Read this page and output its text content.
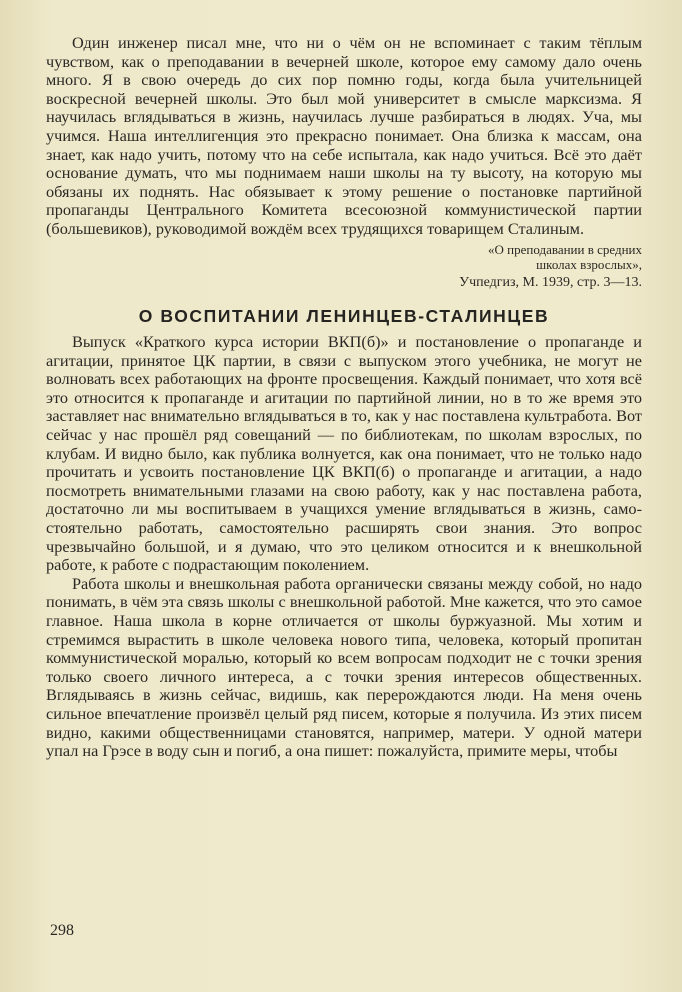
Один инженер писал мне, что ни о чём он не вспоминает с таким тёплым чувством, как о преподавании в вечерней школе, которое ему самому дало очень много. Я в свою очередь до сих пор помню годы, когда была учительницей воскресной вечерней школы. Это был мой университет в смысле марксизма. Я научилась вглядываться в жизнь, научилась лучше разбираться в людях. Уча, мы учимся. Наша интеллигенция это прекрасно понимает. Она близка к массам, она знает, как надо учить, потому что на себе испытала, как надо учиться. Всё это даёт основание думать, что мы поднимаем наши школы на ту высоту, на которую мы обязаны их поднять. Нас обязывает к этому решение о постановке партийной пропаганды Центрального Комитета всесоюзной коммунистической партии (большевиков), руководимой вождём всех трудящихся товарищем Сталиным.

«О преподавании в средних
школах взрослых»,
Учпедгиз, М. 1939, стр. 3—13.
О ВОСПИТАНИИ ЛЕНИНЦЕВ-СТАЛИНЦЕВ

Выпуск «Краткого курса истории ВКП(б)» и постановление о пропаганде и агитации, принятое ЦК партии, в связи с выпуском этого учебника, не могут не волновать всех работающих на фронте просвещения. Каждый понимает, что хотя всё это относится к пропаганде и агитации по партийной линии, но в то же время это заставляет нас внимательно вглядываться в то, как у нас поставлена культработа. Вот сейчас у нас прошёл ряд совещаний — по библиотекам, по школам взрослых, по клубам. И видно было, как публика волнуется, как она понимает, что не только надо прочитать и усвоить постановление ЦК ВКП(б) о пропаганде и агитации, а надо посмотреть внимательными глазами на свою работу, как у нас поставлена работа, достаточно ли мы воспитываем в учащихся умение вглядываться в жизнь, самостоятельно работать, самостоятельно расширять свои знания. Это вопрос чрезвычайно большой, и я думаю, что это целиком относится и к внешкольной работе, к работе с подрастающим поколением.

Работа школы и внешкольная работа органически связаны между собой, но надо понимать, в чём эта связь школы с внешкольной работой. Мне кажется, что это самое главное. Наша школа в корне отличается от школы буржуазной. Мы хотим и стремимся вырастить в школе человека нового типа, человека, который пропитан коммунистической моралью, который ко всем вопросам подходит не с точки зрения только своего личного интереса, а с точки зрения интересов общественных. Вглядываясь в жизнь сейчас, видишь, как перерождаются люди. На меня очень сильное впечатление произвёл целый ряд писем, которые я получила. Из этих писем видно, какими общественницами становятся, например, матери. У одной матери упал на Грэсе в воду сын и погиб, а она пишет: пожалуйста, примите меры, чтобы

298
